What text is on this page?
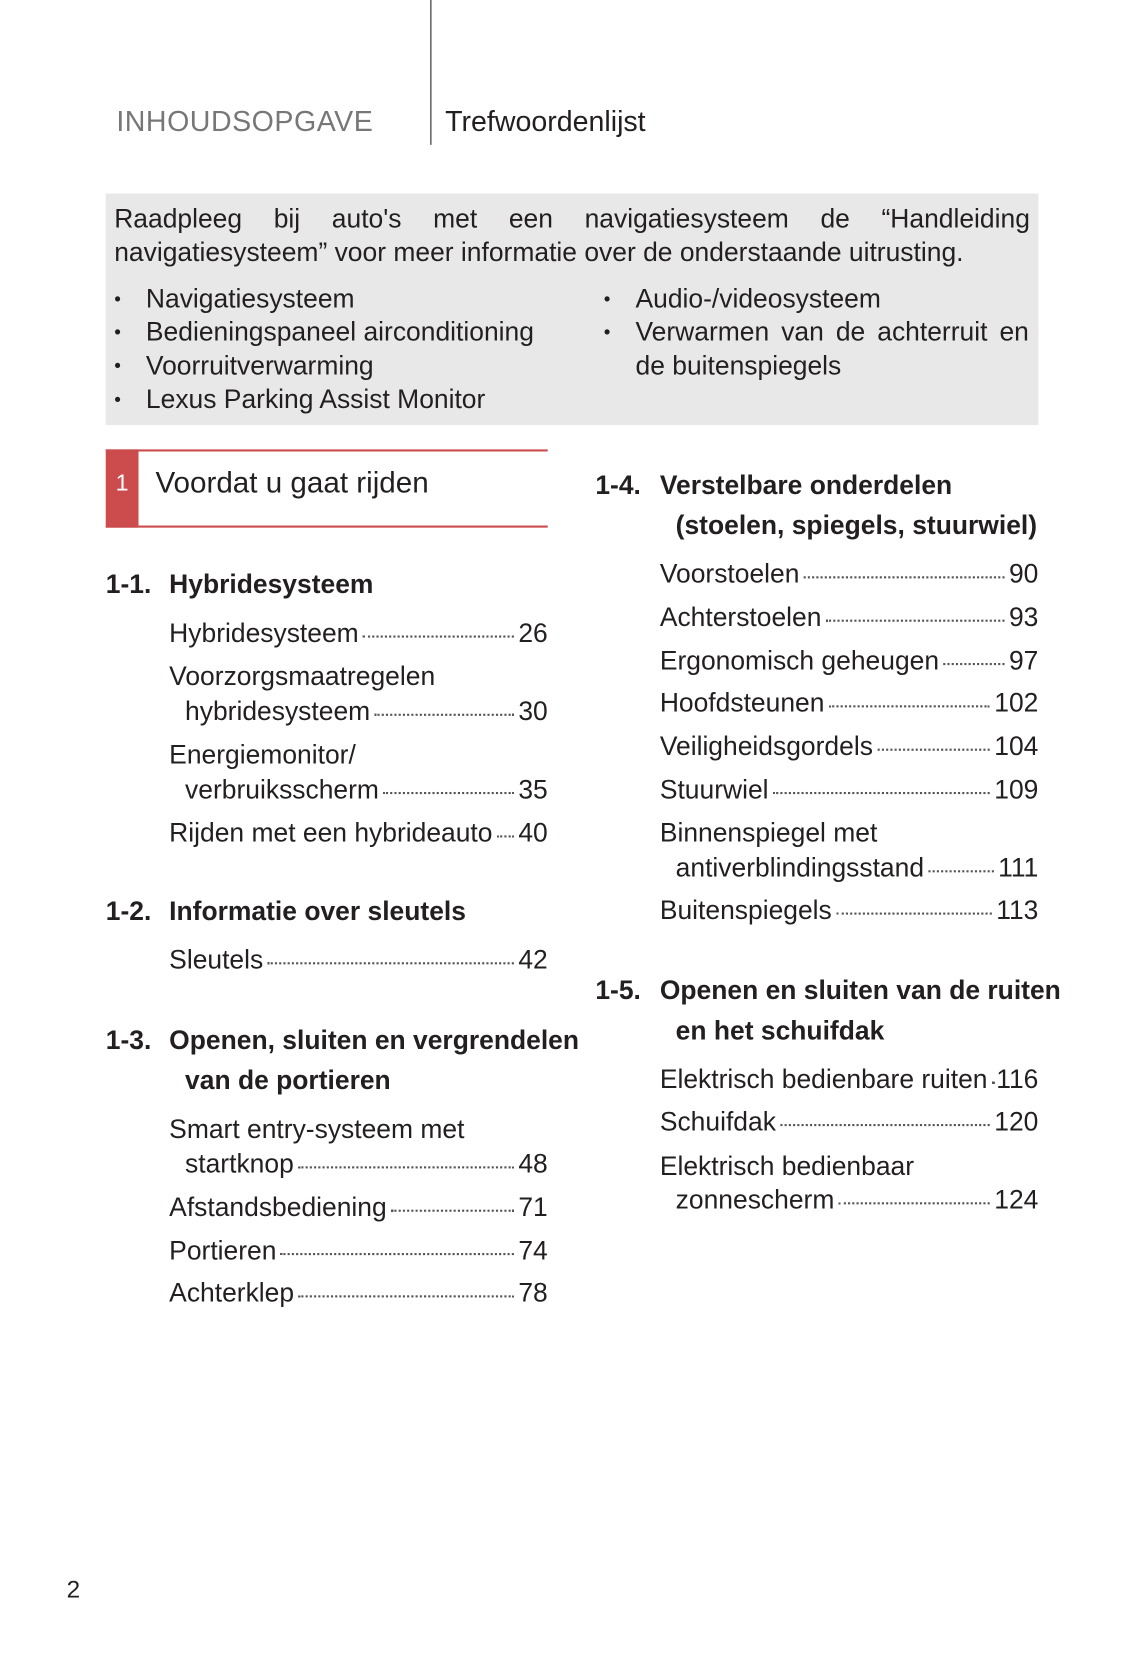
INHOUDSOPGAVE	Trefwoordenlijst
Raadpleeg bij auto's met een navigatiesysteem de “Handleiding navigatiesysteem” voor meer informatie over de onderstaande uitrusting.
• Navigatiesysteem
• Bedieningspaneel airconditioning
• Voorruitverwarming
• Lexus Parking Assist Monitor
• Audio-/videosysteem
• Verwarmen van de achterruit en de buitenspiegels
1 Voordat u gaat rijden
1-1. Hybridesysteem
Hybridesysteem	26
Voorzorgsmaatregelen
hybridesysteem	30
Energiemonitor/
verbruiksscherm	35
Rijden met een hybrideauto 40
1-2. Informatie over sleutels
Sleutels	42
1-3. Openen, sluiten en vergrendelen
van de portieren
Smart entry-systeem met
startknop	48
Afstandsbediening	71
Portieren	74
Achterklep	78
1-4. Verstelbare onderdelen
(stoelen, spiegels, stuurwiel)
Voorstoelen	90
Achterstoelen	93
Ergonomisch geheugen	97
Hoofdsteunen	102
Veiligheidsgordels	104
Stuurwiel	109
Binnenspiegel met
antiverblindingsstand	111
Buitenspiegels	113
1-5. Openen en sluiten van de ruiten
en het schuifdak
Elektrisch bedienbare ruiten 116
Schuifdak	120
Elektrisch bedienbaar
zonnescherm	124
2
